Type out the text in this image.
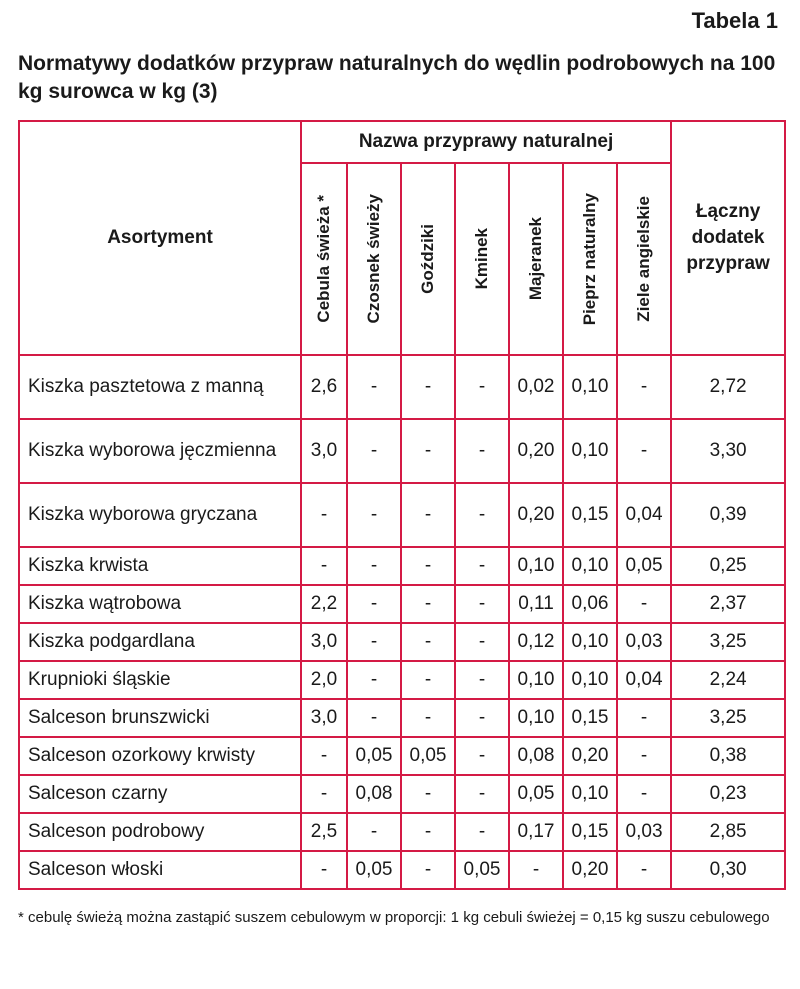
Tabela 1
Normatywy dodatków przypraw naturalnych do wędlin podrobowych na 100 kg surowca w kg (3)
Asortyment	Nazwa przyprawy naturalnej							Łączny dodatek przypraw

	Cebula świeża *	Czosnek świeży	Goździki	Kminek	Majeranek	Pieprz naturalny	Ziele angielskie	

Kiszka pasztetowa z manną	2,6	-	-	-	0,02	0,10	-	2,72
Kiszka wyborowa jęczmienna	3,0	-	-	-	0,20	0,10	-	3,30
Kiszka wyborowa gryczana	-	-	-	-	0,20	0,15	0,04	0,39
Kiszka krwista	-	-	-	-	0,10	0,10	0,05	0,25
Kiszka wątrobowa	2,2	-	-	-	0,11	0,06	-	2,37
Kiszka podgardlana	3,0	-	-	-	0,12	0,10	0,03	3,25
Krupnioki śląskie	2,0	-	-	-	0,10	0,10	0,04	2,24
Salceson brunszwicki	3,0	-	-	-	0,10	0,15	-	3,25
Salceson ozorkowy krwisty	-	0,05	0,05	-	0,08	0,20	-	0,38
Salceson czarny	-	0,08	-	-	0,05	0,10	-	0,23
Salceson podrobowy	2,5	-	-	-	0,17	0,15	0,03	2,85
Salceson włoski	-	0,05	-	0,05	-	0,20	-	0,30
* cebulę świeżą można zastąpić suszem cebulowym w proporcji: 1 kg cebuli świeżej = 0,15 kg suszu cebulowego
